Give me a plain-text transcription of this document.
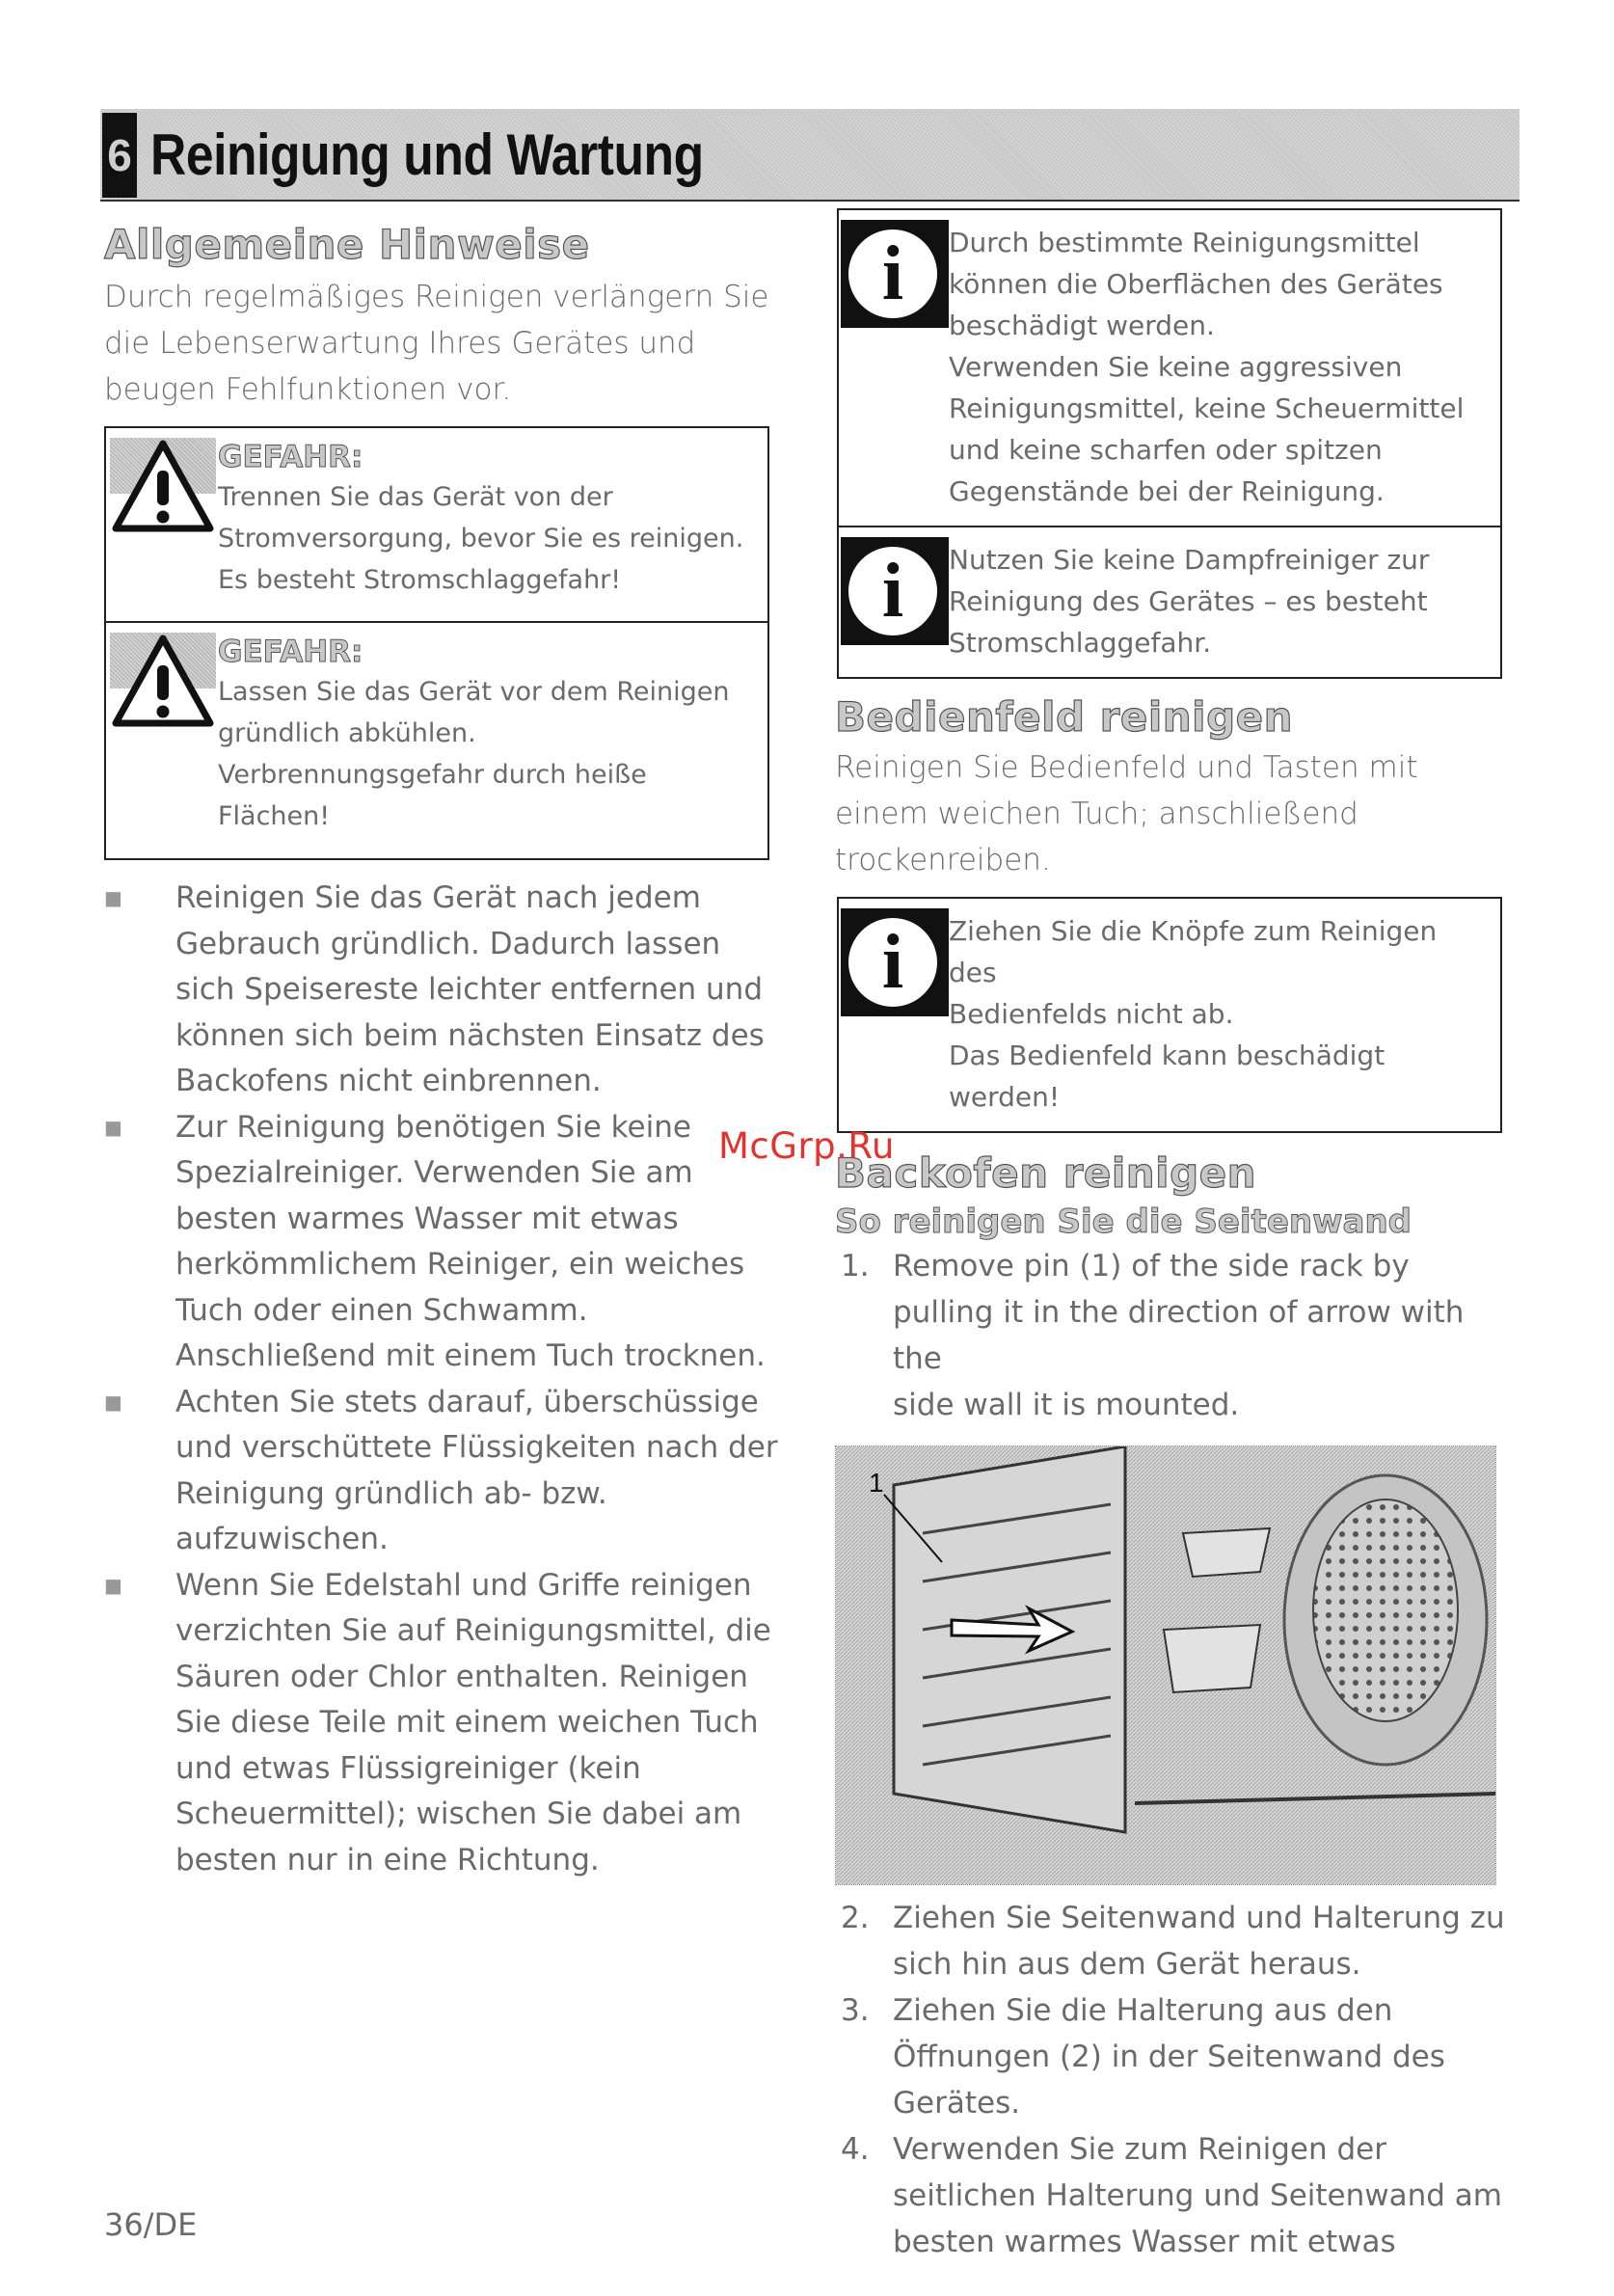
6 Reinigung und Wartung
Allgemeine Hinweise

Durch regelmäßiges Reinigen verlängern Sie die Lebenserwartung Ihres Gerätes und beugen Fehlfunktionen vor.

GEFAHR:
Trennen Sie das Gerät von der
Stromversorgung, bevor Sie es reinigen.
Es besteht Stromschlaggefahr!
GEFAHR:
Lassen Sie das Gerät vor dem Reinigen
gründlich abkühlen.
Verbrennungsgefahr durch heiße
Flächen!
■ Reinigen Sie das Gerät nach jedem
Gebrauch gründlich. Dadurch lassen
sich Speisereste leichter entfernen und
können sich beim nächsten Einsatz des
Backofens nicht einbrennen.
■ Zur Reinigung benötigen Sie keine
Spezialreiniger. Verwenden Sie am
besten warmes Wasser mit etwas
herkömmlichem Reiniger, ein weiches
Tuch oder einen Schwamm.
Anschließend mit einem Tuch trocknen.
■ Achten Sie stets darauf, überschüssige
und verschüttete Flüssigkeiten nach der
Reinigung gründlich ab- bzw.
aufzuwischen.
■ Wenn Sie Edelstahl und Griffe reinigen
verzichten Sie auf Reinigungsmittel, die
Säuren oder Chlor enthalten. Reinigen
Sie diese Teile mit einem weichen Tuch
und etwas Flüssigreiniger (kein
Scheuermittel); wischen Sie dabei am
besten nur in eine Richtung.
i	Durch bestimmte Reinigungsmittel
können die Oberflächen des Gerätes
beschädigt werden.
Verwenden Sie keine aggressiven
Reinigungsmittel, keine Scheuermittel
und keine scharfen oder spitzen
Gegenstände bei der Reinigung.
i	Nutzen Sie keine Dampfreiniger zur
Reinigung des Gerätes – es besteht
Stromschlaggefahr.
Bedienfeld reinigen

Reinigen Sie Bedienfeld und Tasten mit einem weichen Tuch; anschließend trockenreiben.

i	Ziehen Sie die Knöpfe zum Reinigen des
Bedienfelds nicht ab.
Das Bedienfeld kann beschädigt
werden!
Backofen reinigen
So reinigen Sie die Seitenwand
1. Remove pin (1) of the side rack by
pulling it in the direction of arrow with the
side wall it is mounted.
1
2. Ziehen Sie Seitenwand und Halterung zu
sich hin aus dem Gerät heraus.
3. Ziehen Sie die Halterung aus den
Öffnungen (2) in der Seitenwand des
Gerätes.
4. Verwenden Sie zum Reinigen der
seitlichen Halterung und Seitenwand am
besten warmes Wasser mit etwas
McGrp.Ru
36/DE
